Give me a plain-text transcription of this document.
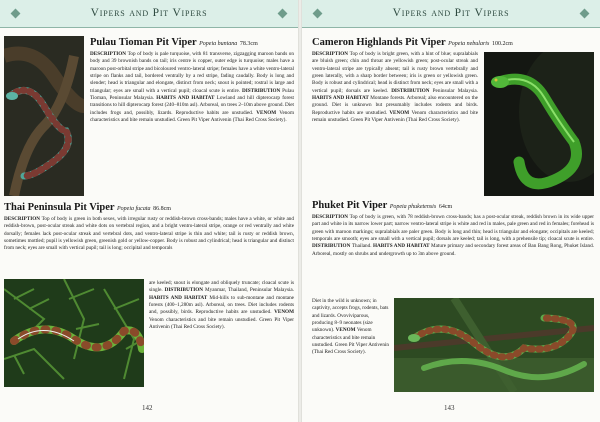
Vipers and Pit Vipers
Pulau Tioman Pit Viper Popeia buniana 78.3cm

DESCRIPTION Top of body is pale turquoise, with 81 transverse, zigzagging maroon bands on body and 39 brownish bands on tail; iris centre is copper, outer edge is turquoise; males have a maroon post-orbital stripe and bicoloured ventro-lateral stripe; females have a white ventro-lateral stripe on flanks and tail, bordered ventrally by a red stripe, fading caudally. Body is long and slender; head is triangular and elongate, distinct from neck; snout is pointed; rostral is large and triangular; eyes are small with a vertical pupil; cloacal scute is entire. DISTRIBUTION Pulau Tioman, Peninsular Malaysia. HABITS AND HABITAT Lowland and hill dipterocarp forest transitions to hill dipterocarp forest (240–810m asl). Arboreal, on trees 2–10m above ground. Diet includes frogs and, possibly, lizards. Reproductive habits are unstudied. VENOM Venom characteristics and bite remain unstudied. Green Pit Viper Antivenin (Thai Red Cross Society).

Thai Peninsula Pit Viper Popeia fucata 86.8cm

DESCRIPTION Top of body is green in both sexes, with irregular rusty or reddish-brown cross-bands; males have a white, or white and reddish-brown, post-ocular streak and white dots on vertebral region, and a bright ventro-lateral stripe, orange or red ventrally and white dorsally; females lack post-ocular streak and vertebral dots, and ventro-lateral stripe is thin and white; tail is rusty or reddish brown, sometimes mottled; pupil is yellowish green, greenish gold or yellow-copper. Body is robust and cylindrical; head is triangular and distinct from neck; eyes are small with vertical pupil; tail is long; occipital and temporals

are keeled; snout is elongate and obliquely truncate; cloacal scute is single. DISTRIBUTION Myanmar, Thailand, Peninsular Malaysia. HABITS AND HABITAT Mid-hills to sub-montane and montane forests (400–1,280m asl). Arboreal, on trees. Diet includes rodents and, possibly, birds. Reproductive habits are unstudied. VENOM Venom characteristics and bite remain unstudied. Green Pit Viper Antivenin (Thai Red Cross Society).

142
Vipers and Pit Vipers
Cameron Highlands Pit Viper Popeia nebularis 100.2cm

DESCRIPTION Top of body is bright green, with a hint of blue; supralabials are bluish green; chin and throat are yellowish green; post-ocular streak and ventro-lateral stripe are typically absent; tail is rusty brown vertebrally and green laterally, with a sharp border between; iris is green or yellowish green. Body is robust and cylindrical; head is distinct from neck; eyes are small with a vertical pupil; dorsals are keeled. DISTRIBUTION Peninsular Malaysia. HABITS AND HABITAT Montane forests. Arboreal; also encountered on the ground. Diet is unknown but presumably includes rodents and birds. Reproductive habits are unstudied. VENOM Venom characteristics and bite remain unstudied. Green Pit Viper Antivenin (Thai Red Cross Society).

Phuket Pit Viper Popeia phuketensis 64cm

DESCRIPTION Top of body is green, with 78 reddish-brown cross-bands; has a post-ocular streak, reddish brown in its wide upper part and white in its narrow lower part; narrow ventro-lateral stripe is white and red in males, pale green and red in females; forehead is green with maroon markings; supralabials are paler green. Body is long and thin; head is triangular and elongate; occipitals are keeled; temporals are smooth; eyes are small with a vertical pupil; dorsals are keeled; tail is long, with a prehensile tip; cloacal scute is entire. DISTRIBUTION Thailand. HABITS AND HABITAT Mature primary and secondary forest areas of Ban Bang Rong, Phuket Island. Arboreal, mostly on shrubs and undergrowth up to 3m above ground.

Diet in the wild is unknown; in captivity, accepts frogs, rodents, bats and lizards. Ovoviviparous, producing 8–9 neonates (size unknown). VENOM Venom characteristics and bite remain unstudied. Green Pit Viper Antivenin (Thai Red Cross Society).

143
